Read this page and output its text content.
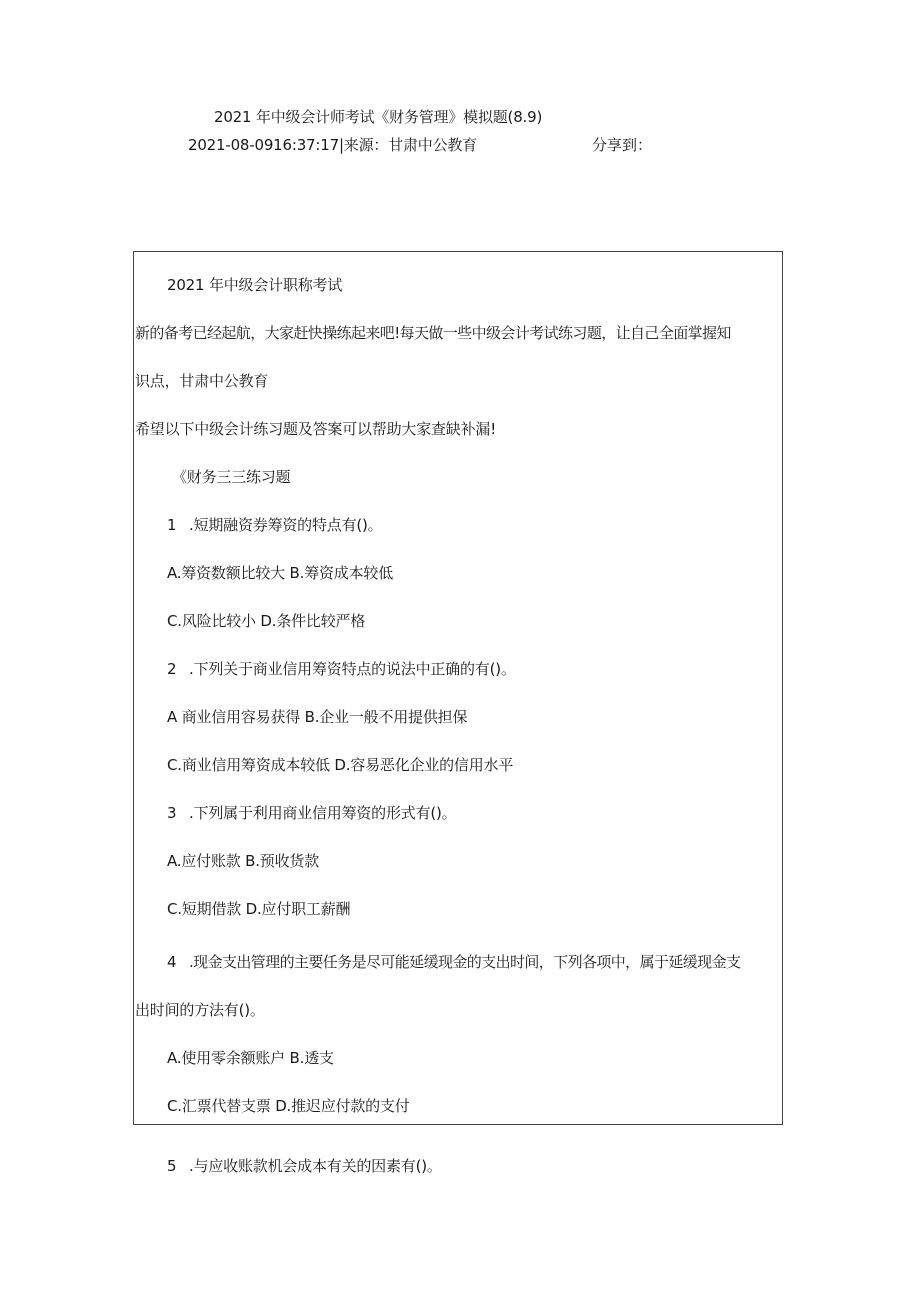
2021 年中级会计师考试《财务管理》模拟题(8.9)
2021-08-0916:37:17|来源：甘肃中公教育	分享到：
2021 年中级会计职称考试
新的备考已经起航，大家赶快操练起来吧!每天做一些中级会计考试练习题，让自己全面掌握知
识点，甘肃中公教育
希望以下中级会计练习题及答案可以帮助大家查缺补漏!
《财务三三练习题
1 .短期融资券筹资的特点有()。
A.筹资数额比较大 B.筹资成本较低
C.风险比较小 D.条件比较严格
2 .下列关于商业信用筹资特点的说法中正确的有()。
A 商业信用容易获得 B.企业一般不用提供担保
C.商业信用筹资成本较低 D.容易恶化企业的信用水平
3 .下列属于利用商业信用筹资的形式有()。
A.应付账款 B.预收货款
C.短期借款 D.应付职工薪酬
4 .现金支出管理的主要任务是尽可能延缓现金的支出时间，下列各项中，属于延缓现金支
出时间的方法有()。
A.使用零余额账户 B.透支
C.汇票代替支票 D.推迟应付款的支付
5 .与应收账款机会成本有关的因素有()。
